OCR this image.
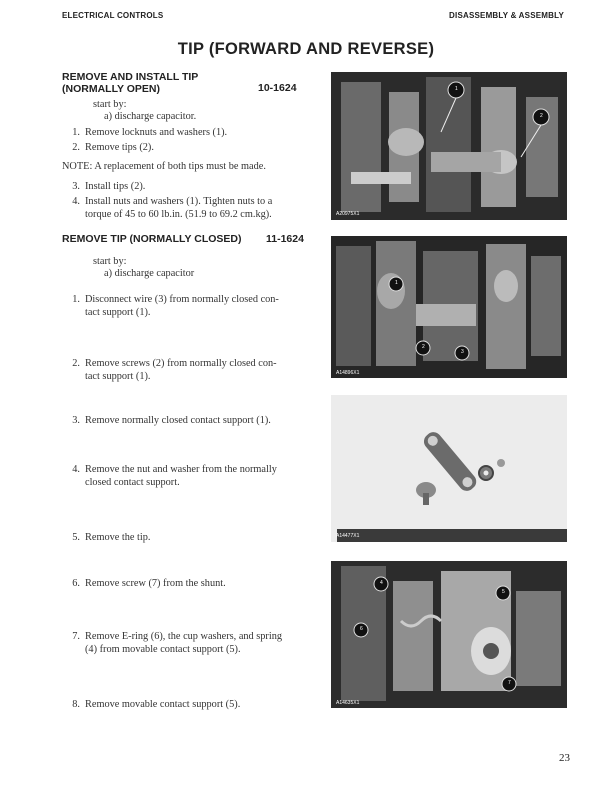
ELECTRICAL CONTROLS	DISASSEMBLY & ASSEMBLY
TIP (FORWARD AND REVERSE)
REMOVE AND INSTALL TIP
(NORMALLY OPEN)	10-1624
start by:
a) discharge capacitor.
1. Remove locknuts and washers (1).
2. Remove tips (2).
NOTE: A replacement of both tips must be made.
3. Install tips (2).
4. Install nuts and washers (1). Tighten nuts to a
torque of 45 to 60 lb.in. (51.9 to 69.2 cm.kg).
REMOVE TIP (NORMALLY CLOSED) 11-1624
start by:
a) discharge capacitor
1. Disconnect wire (3) from normally closed con-
tact support (1).
2. Remove screws (2) from normally closed con-
tact support (1).
3. Remove normally closed contact support (1).
4. Remove the nut and washer from the normally
closed contact support.
5. Remove the tip.
6. Remove screw (7) from the shunt.
7. Remove E-ring (6), the cup washers, and spring
(4) from movable contact support (5).
8. Remove movable contact support (5).
1
2
A20975X1
1
2
3
A14896X1
A14477X1
4
5
6
7
A14635X1
23
